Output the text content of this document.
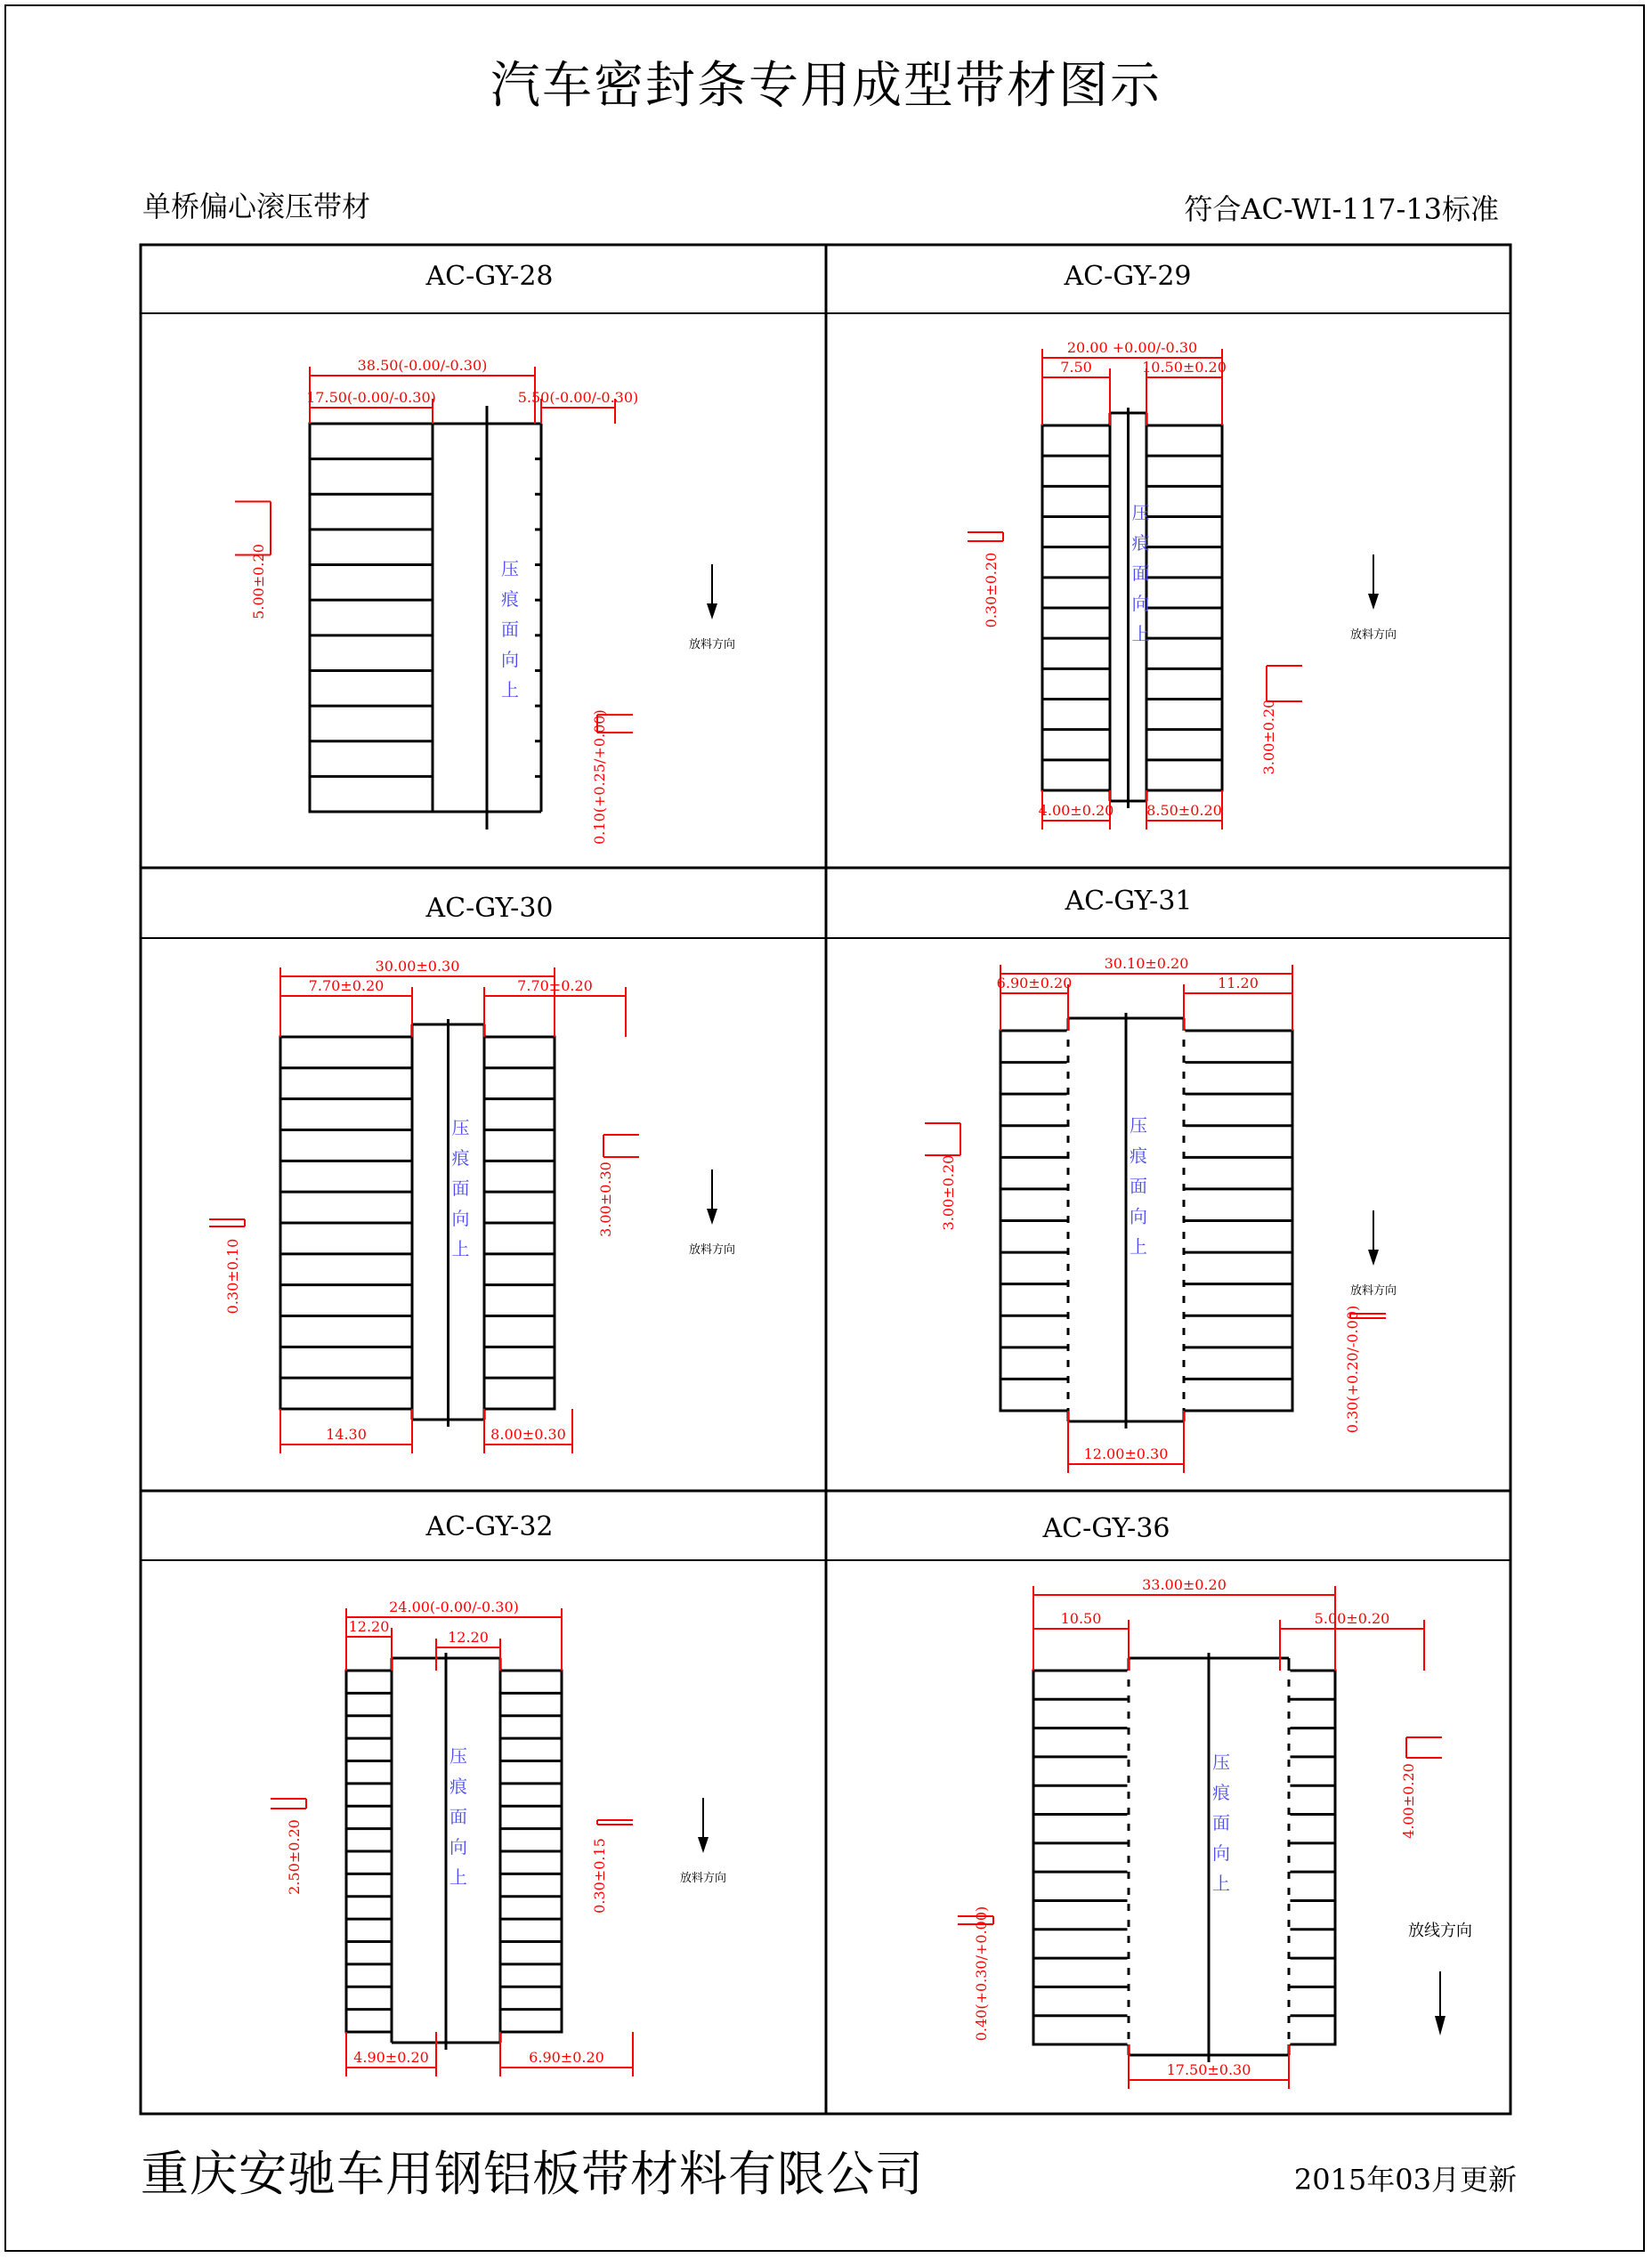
汽车密封条专用成型带材图示
单桥偏心滚压带材	符合AC-WI-117-13标准
AC-GY-28
压
痕
面
向
上
放料方向
38.50(-0.00/-0.30)
17.50(-0.00/-0.30)	5.50(-0.00/-0.30)
5.00±0.20
0.10(+0.25/+0.00)
AC-GY-29
压
痕
面
向
上	放料方向
20.00 +0.00/-0.30
7.50	10.50±0.20
0.30±0.20
3.00±0.20
4.00±0.20 8.50±0.20
AC-GY-30
压
痕
面
向
上	放料方向
30.00±0.30
7.70±0.20	7.70±0.20
3.00±0.30
0.30±0.10
14.30	8.00±0.30
AC-GY-31
压
痕
面
向
上
放料方向
30.10±0.20
6.90±0.20	11.20
3.00±0.20
0.30(+0.20/-0.00)
12.00±0.30
AC-GY-32
压
痕
面
向
上	放料方向
24.00(-0.00/-0.30)
12.20
12.20
2.50±0.20	0.30±0.15
4.90±0.20	6.90±0.20
AC-GY-36
压
痕
面
向
上
放线方向
33.00±0.20
10.50	5.00±0.20
4.00±0.20
0.40(+0.30/+0.00)
17.50±0.30
重庆安驰车用钢铝板带材料有限公司	2015年03月更新
